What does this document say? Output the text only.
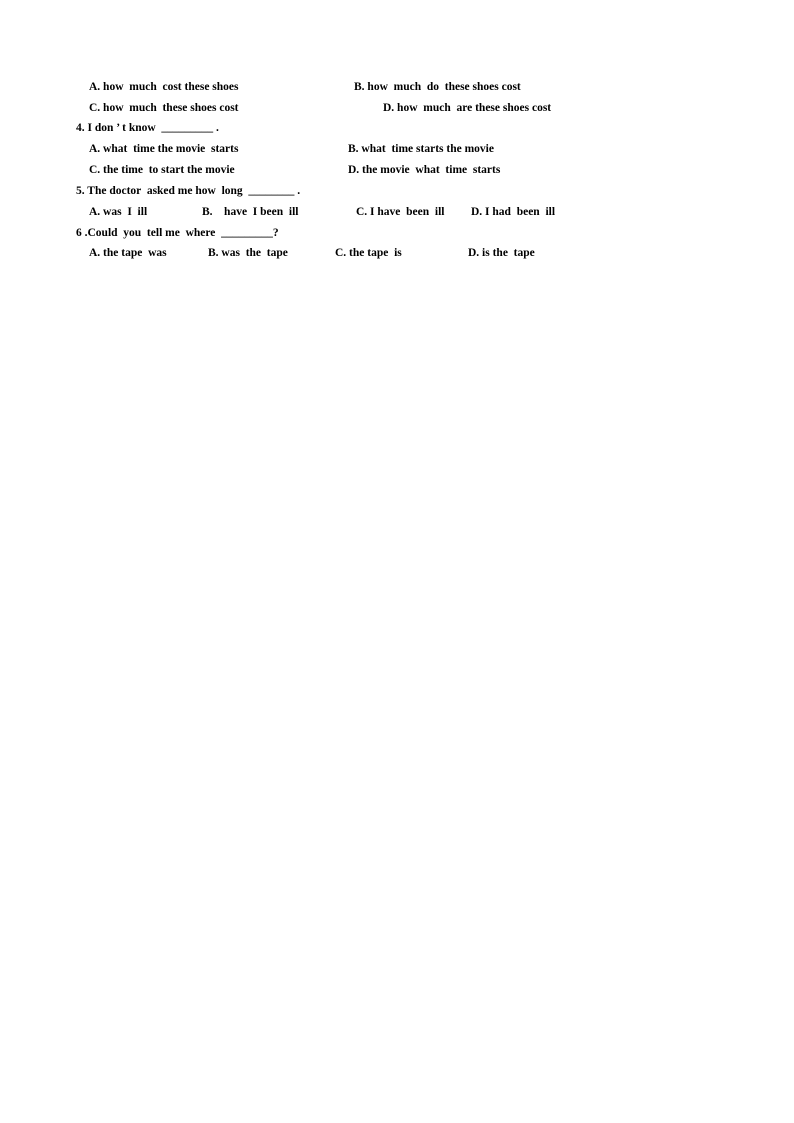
A. how  much  cost these shoes	B. how  much  do  these shoes cost
C. how  much  these shoes cost	D. how  much  are these shoes cost
4. I don ’ t know  _________ .
A. what  time the movie  starts	B. what  time starts the movie
C. the time  to start the movie	D. the movie  what  time  starts
5. The doctor  asked me how  long  ________ .
A. was  I  ill	B.    have  I been  ill	C. I have  been  ill D. I had  been  ill
6 .Could  you  tell me  where  _________?
A. the tape  was	B. was  the  tape	C. the tape  is	D. is the  tape
